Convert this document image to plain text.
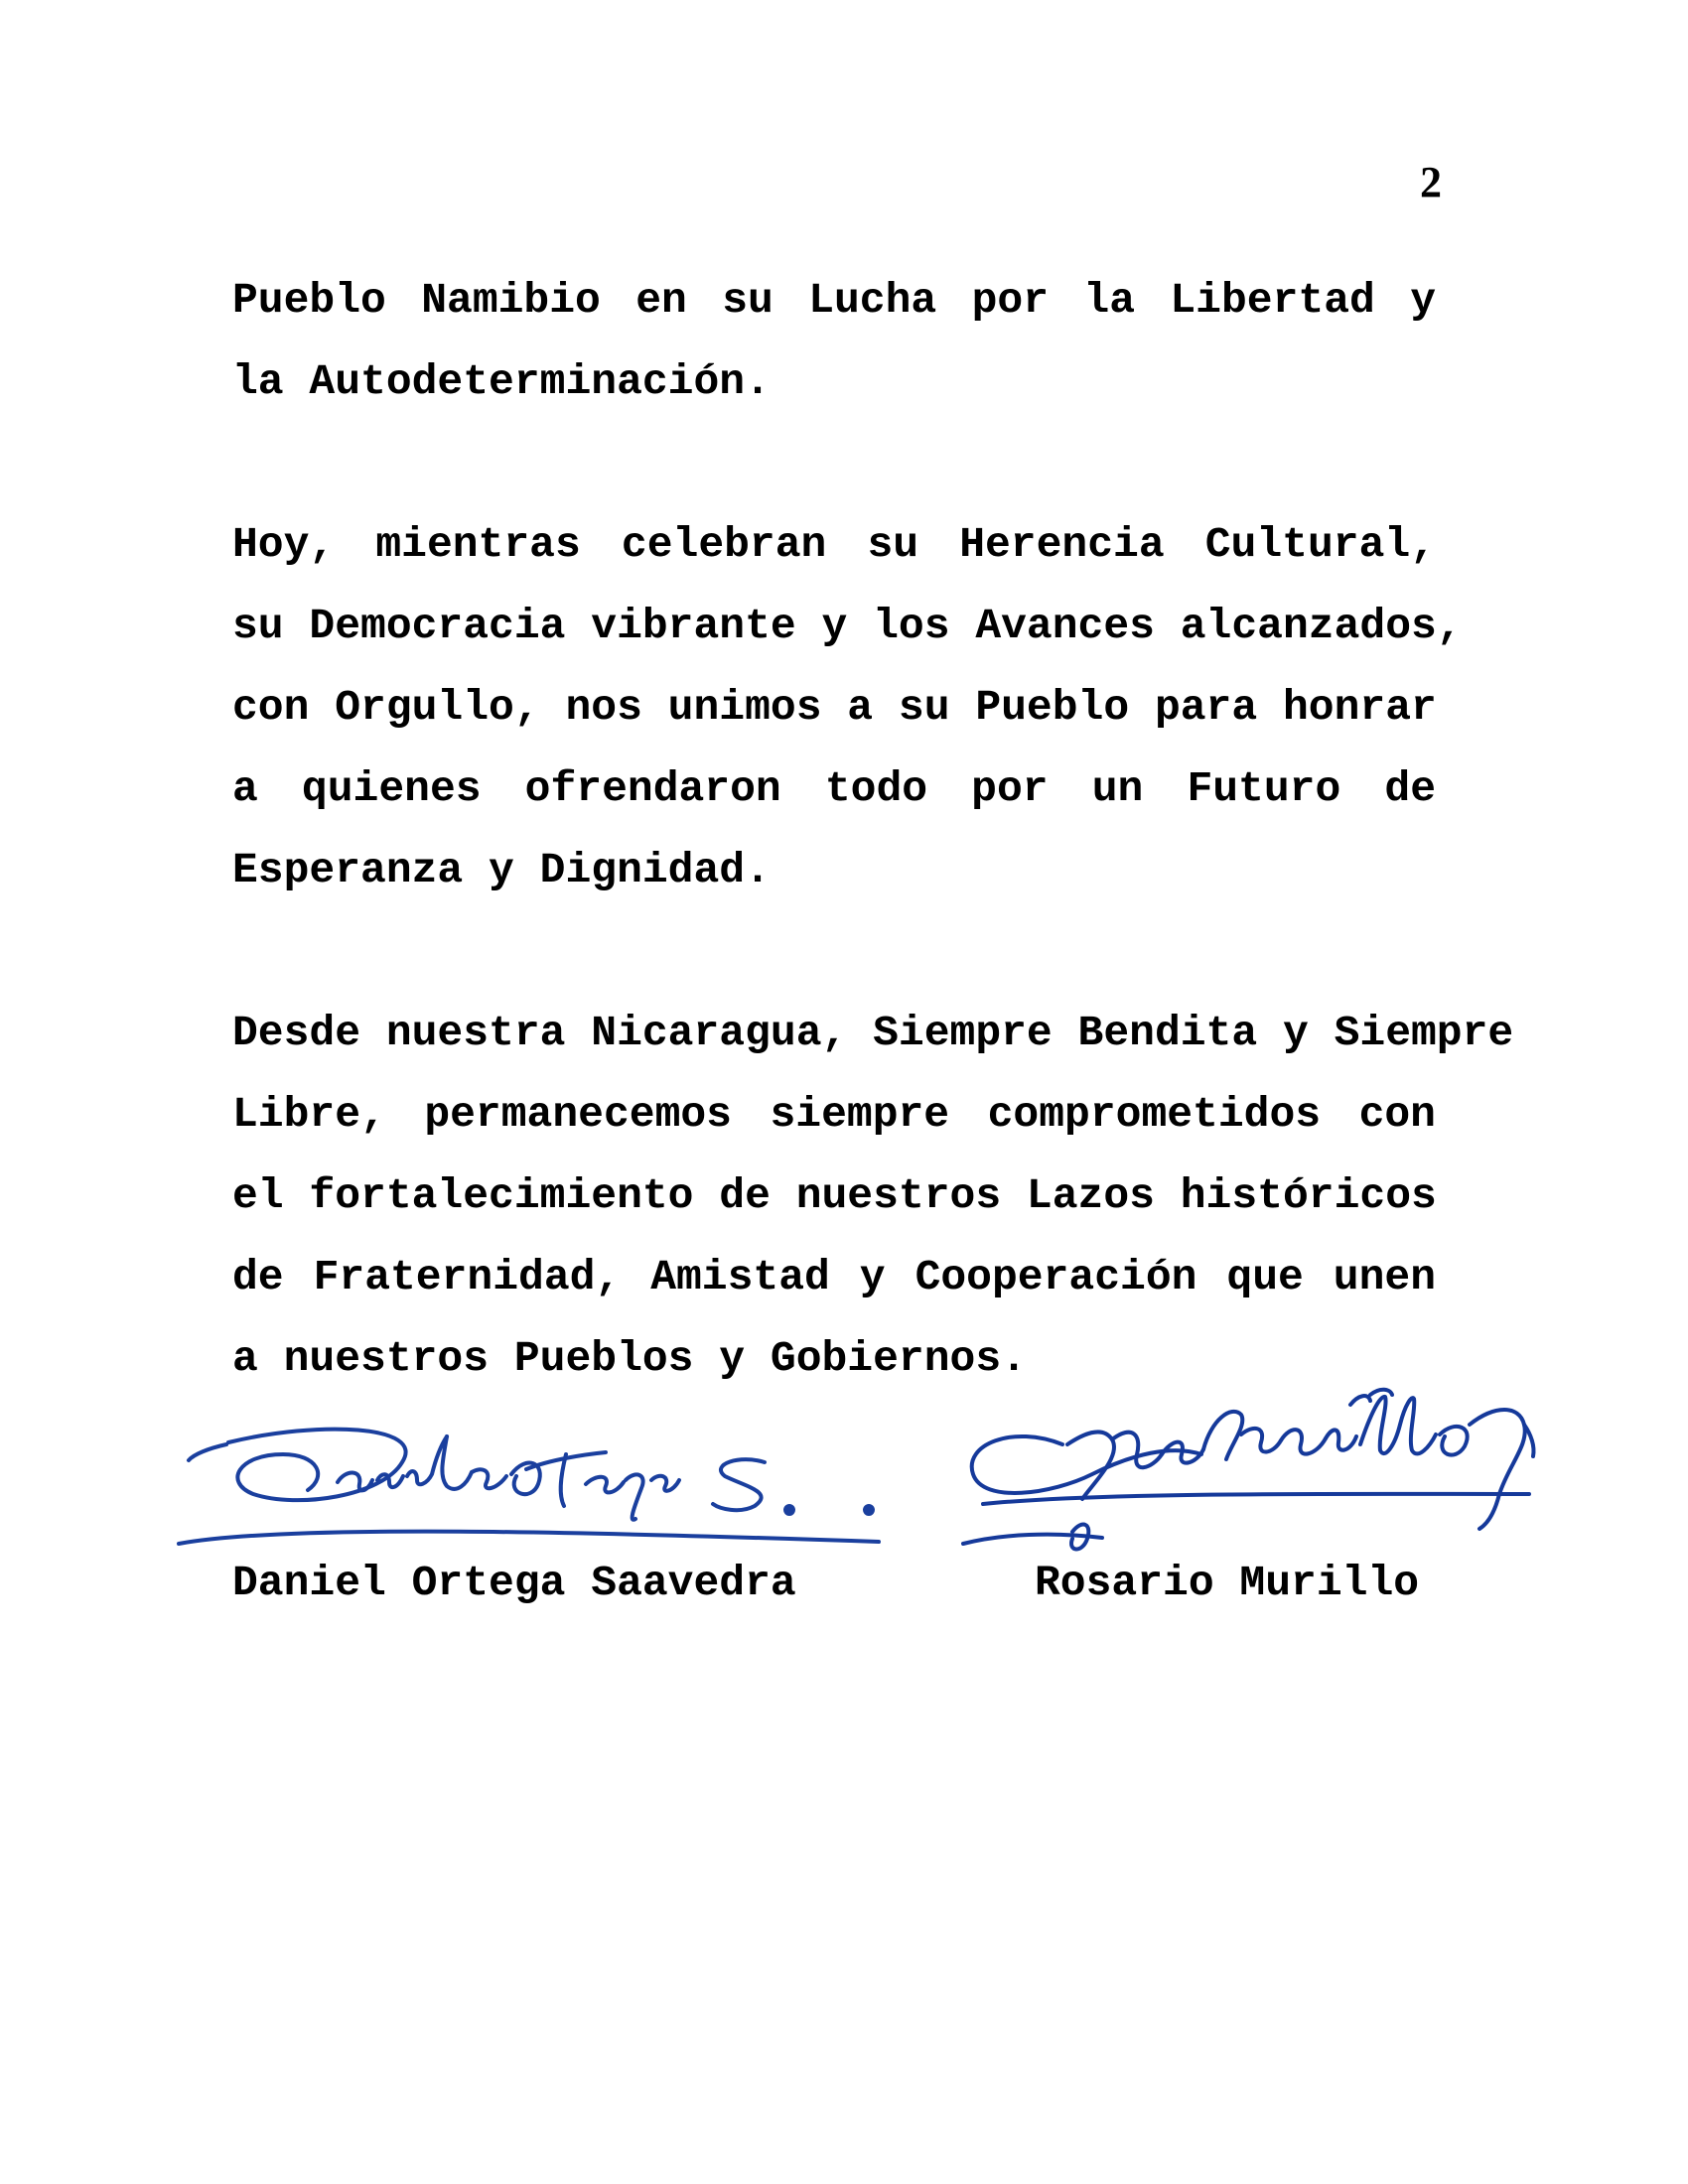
2
Pueblo Namibio en su Lucha por la Libertad y
la Autodeterminación.
Hoy, mientras celebran su Herencia Cultural,
su Democracia vibrante y los Avances alcanzados,
con Orgullo, nos unimos a su Pueblo para honrar
a quienes ofrendaron todo por un Futuro de
Esperanza y Dignidad.
Desde nuestra Nicaragua, Siempre Bendita y Siempre
Libre, permanecemos siempre comprometidos con
el fortalecimiento de nuestros Lazos históricos
de Fraternidad, Amistad y Cooperación que unen
a nuestros Pueblos y Gobiernos.
Daniel Ortega Saavedra	Rosario Murillo
